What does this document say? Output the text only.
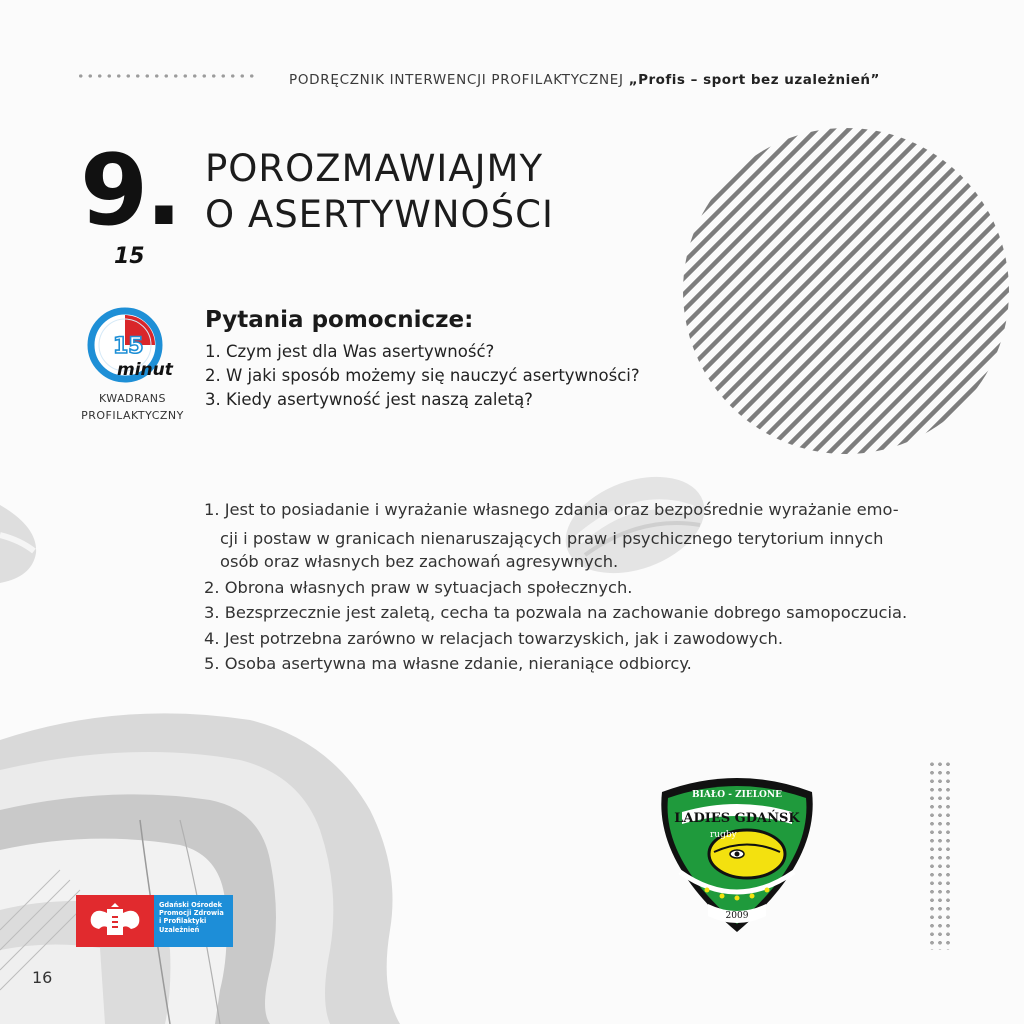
PODRĘCZNIK INTERWENCJI PROFILAKTYCZNEJ „Profis – sport bez uzależnień”
9.
15
POROZMAWIAJMY
O ASERTYWNOŚCI
15
minut
KWADRANS
PROFILAKTYCZNY
Pytania pomocnicze:
1. Czym jest dla Was asertywność?
2. W jaki sposób możemy się nauczyć asertywności?
3. Kiedy asertywność jest naszą zaletą?

1. Jest to posiadanie i wyrażanie własnego zdania oraz bezpośrednie wyrażanie emo-

cji i postaw w granicach nienaruszających praw i psychicznego terytorium innych

osób oraz własnych bez zachowań agresywnych.

2. Obrona własnych praw w sytuacjach społecznych.

3. Bezsprzecznie jest zaletą, cecha ta pozwala na zachowanie dobrego samopoczucia.

4. Jest potrzebna zarówno w relacjach towarzyskich, jak i zawodowych.

5. Osoba asertywna ma własne zdanie, nieraniące odbiorcy.

Gdański Ośrodek
Promocji Zdrowia
i Profilaktyki
Uzależnień
BIAŁO - ZIELONE
LADIES GDAŃSK
rugby
2009
16
